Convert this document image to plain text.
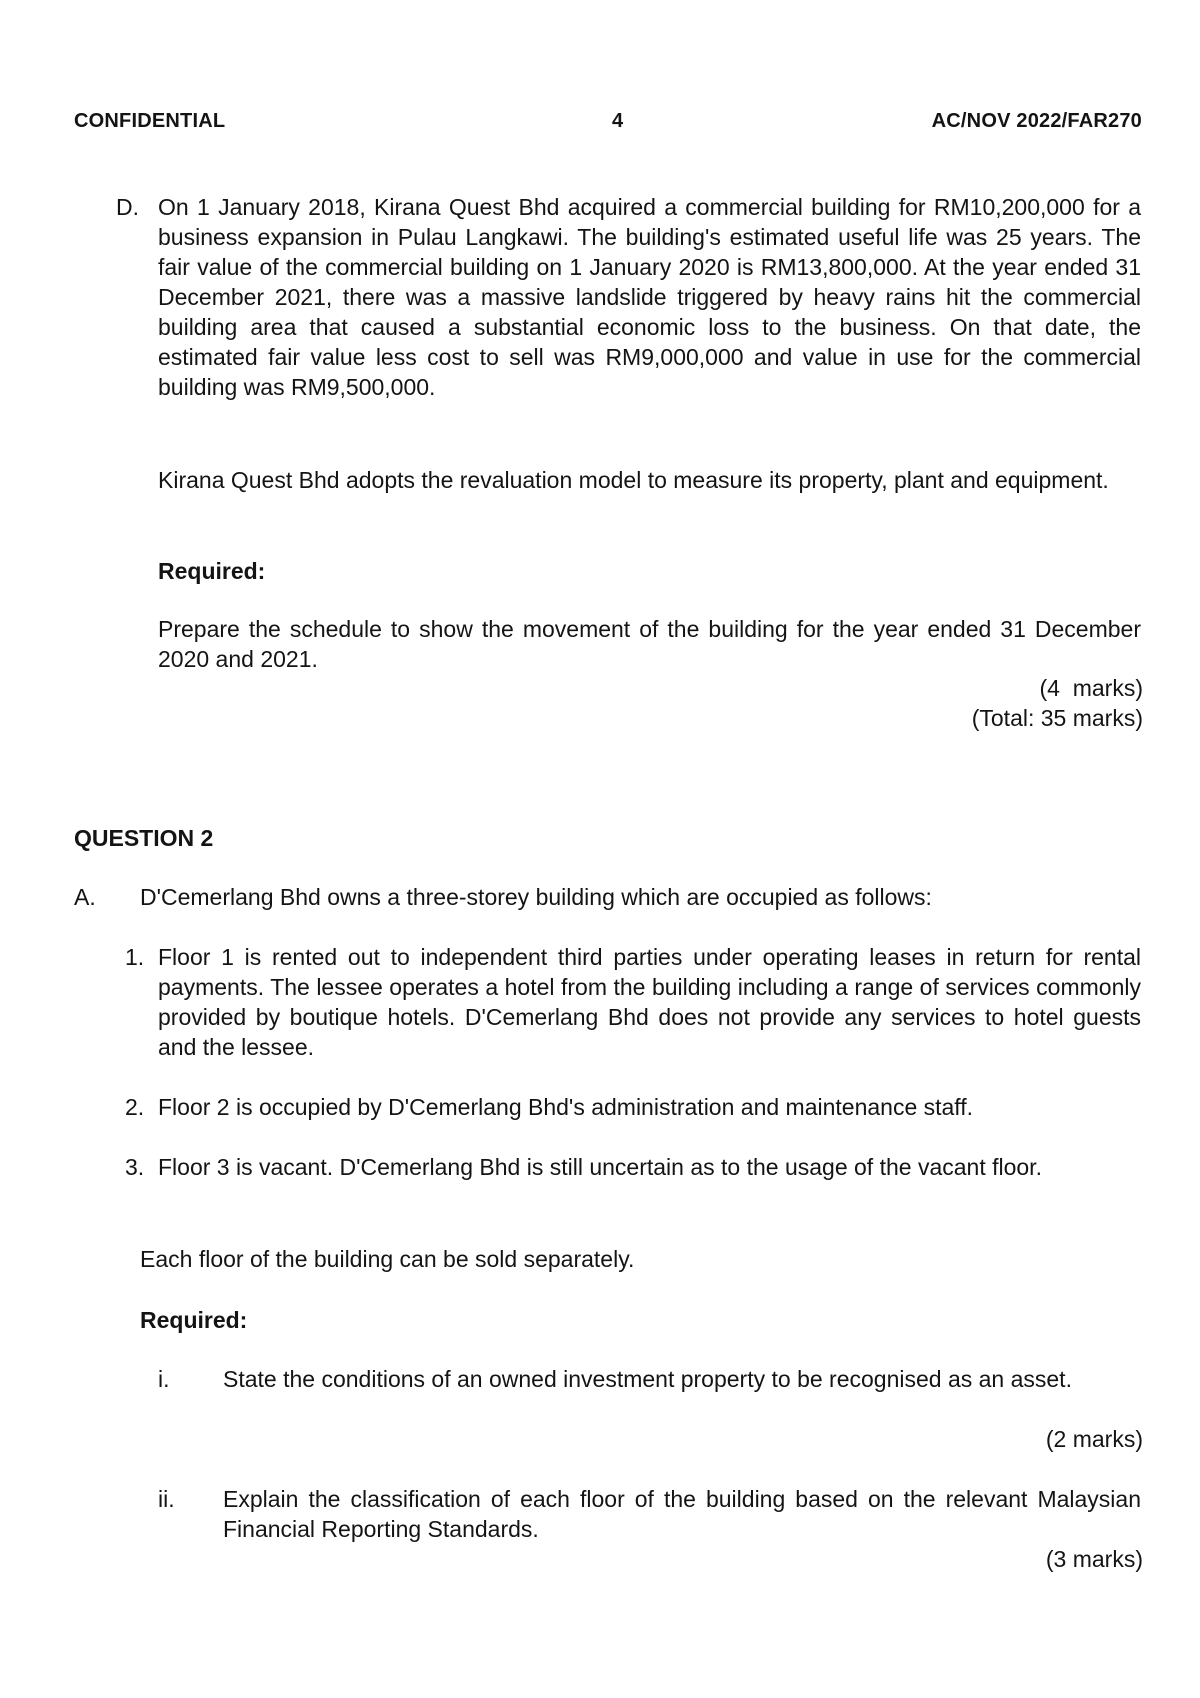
CONFIDENTIAL	4	AC/NOV 2022/FAR270
D. On 1 January 2018, Kirana Quest Bhd acquired a commercial building for RM10,200,000 for a business expansion in Pulau Langkawi. The building's estimated useful life was 25 years. The fair value of the commercial building on 1 January 2020 is RM13,800,000. At the year ended 31 December 2021, there was a massive landslide triggered by heavy rains hit the commercial building area that caused a substantial economic loss to the business. On that date, the estimated fair value less cost to sell was RM9,000,000 and value in use for the commercial building was RM9,500,000.
Kirana Quest Bhd adopts the revaluation model to measure its property, plant and equipment.
Required:
Prepare the schedule to show the movement of the building for the year ended 31 December 2020 and 2021.
(4  marks)
(Total: 35 marks)
QUESTION 2
A. D'Cemerlang Bhd owns a three-storey building which are occupied as follows:
1. Floor 1 is rented out to independent third parties under operating leases in return for rental payments. The lessee operates a hotel from the building including a range of services commonly provided by boutique hotels. D'Cemerlang Bhd does not provide any services to hotel guests and the lessee.
2. Floor 2 is occupied by D'Cemerlang Bhd's administration and maintenance staff.
3. Floor 3 is vacant. D'Cemerlang Bhd is still uncertain as to the usage of the vacant floor.
Each floor of the building can be sold separately.
Required:
i. State the conditions of an owned investment property to be recognised as an asset.
(2 marks)
ii. Explain the classification of each floor of the building based on the relevant Malaysian Financial Reporting Standards.
(3 marks)
